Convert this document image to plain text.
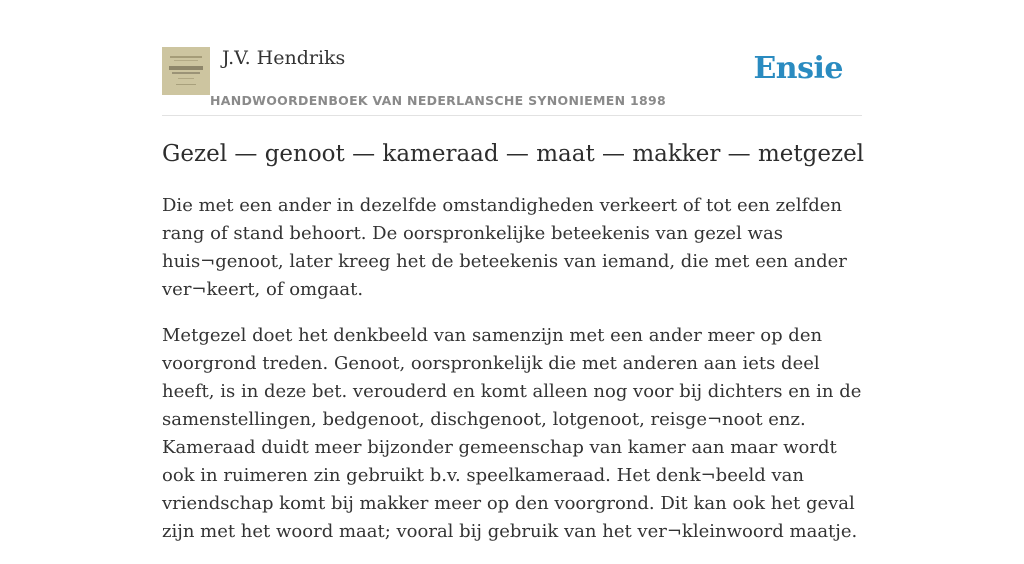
J.V. Hendriks
HANDWOORDENBOEK VAN NEDERLANSCHE SYNONIEMEN 1898
Ensie
Gezel — genoot — kameraad — maat — makker — metgezel

Die met een ander in dezelfde omstandigheden verkeert of tot een zelfden rang of stand behoort. De oorspronkelijke beteekenis van gezel was huis¬genoot, later kreeg het de beteekenis van iemand, die met een ander ver¬keert, of omgaat.

Metgezel doet het denkbeeld van samenzijn met een ander meer op den voorgrond treden. Genoot, oorspronkelijk die met anderen aan iets deel heeft, is in deze bet. verouderd en komt alleen nog voor bij dichters en in de samenstellingen, bedgenoot, dischgenoot, lotgenoot, reisge¬noot enz. Kameraad duidt meer bijzonder gemeenschap van kamer aan maar wordt ook in ruimeren zin gebruikt b.v. speelkameraad. Het denk¬beeld van vriendschap komt bij makker meer op den voorgrond. Dit kan ook het geval zijn met het woord maat; vooral bij gebruik van het ver¬kleinwoord maatje.
